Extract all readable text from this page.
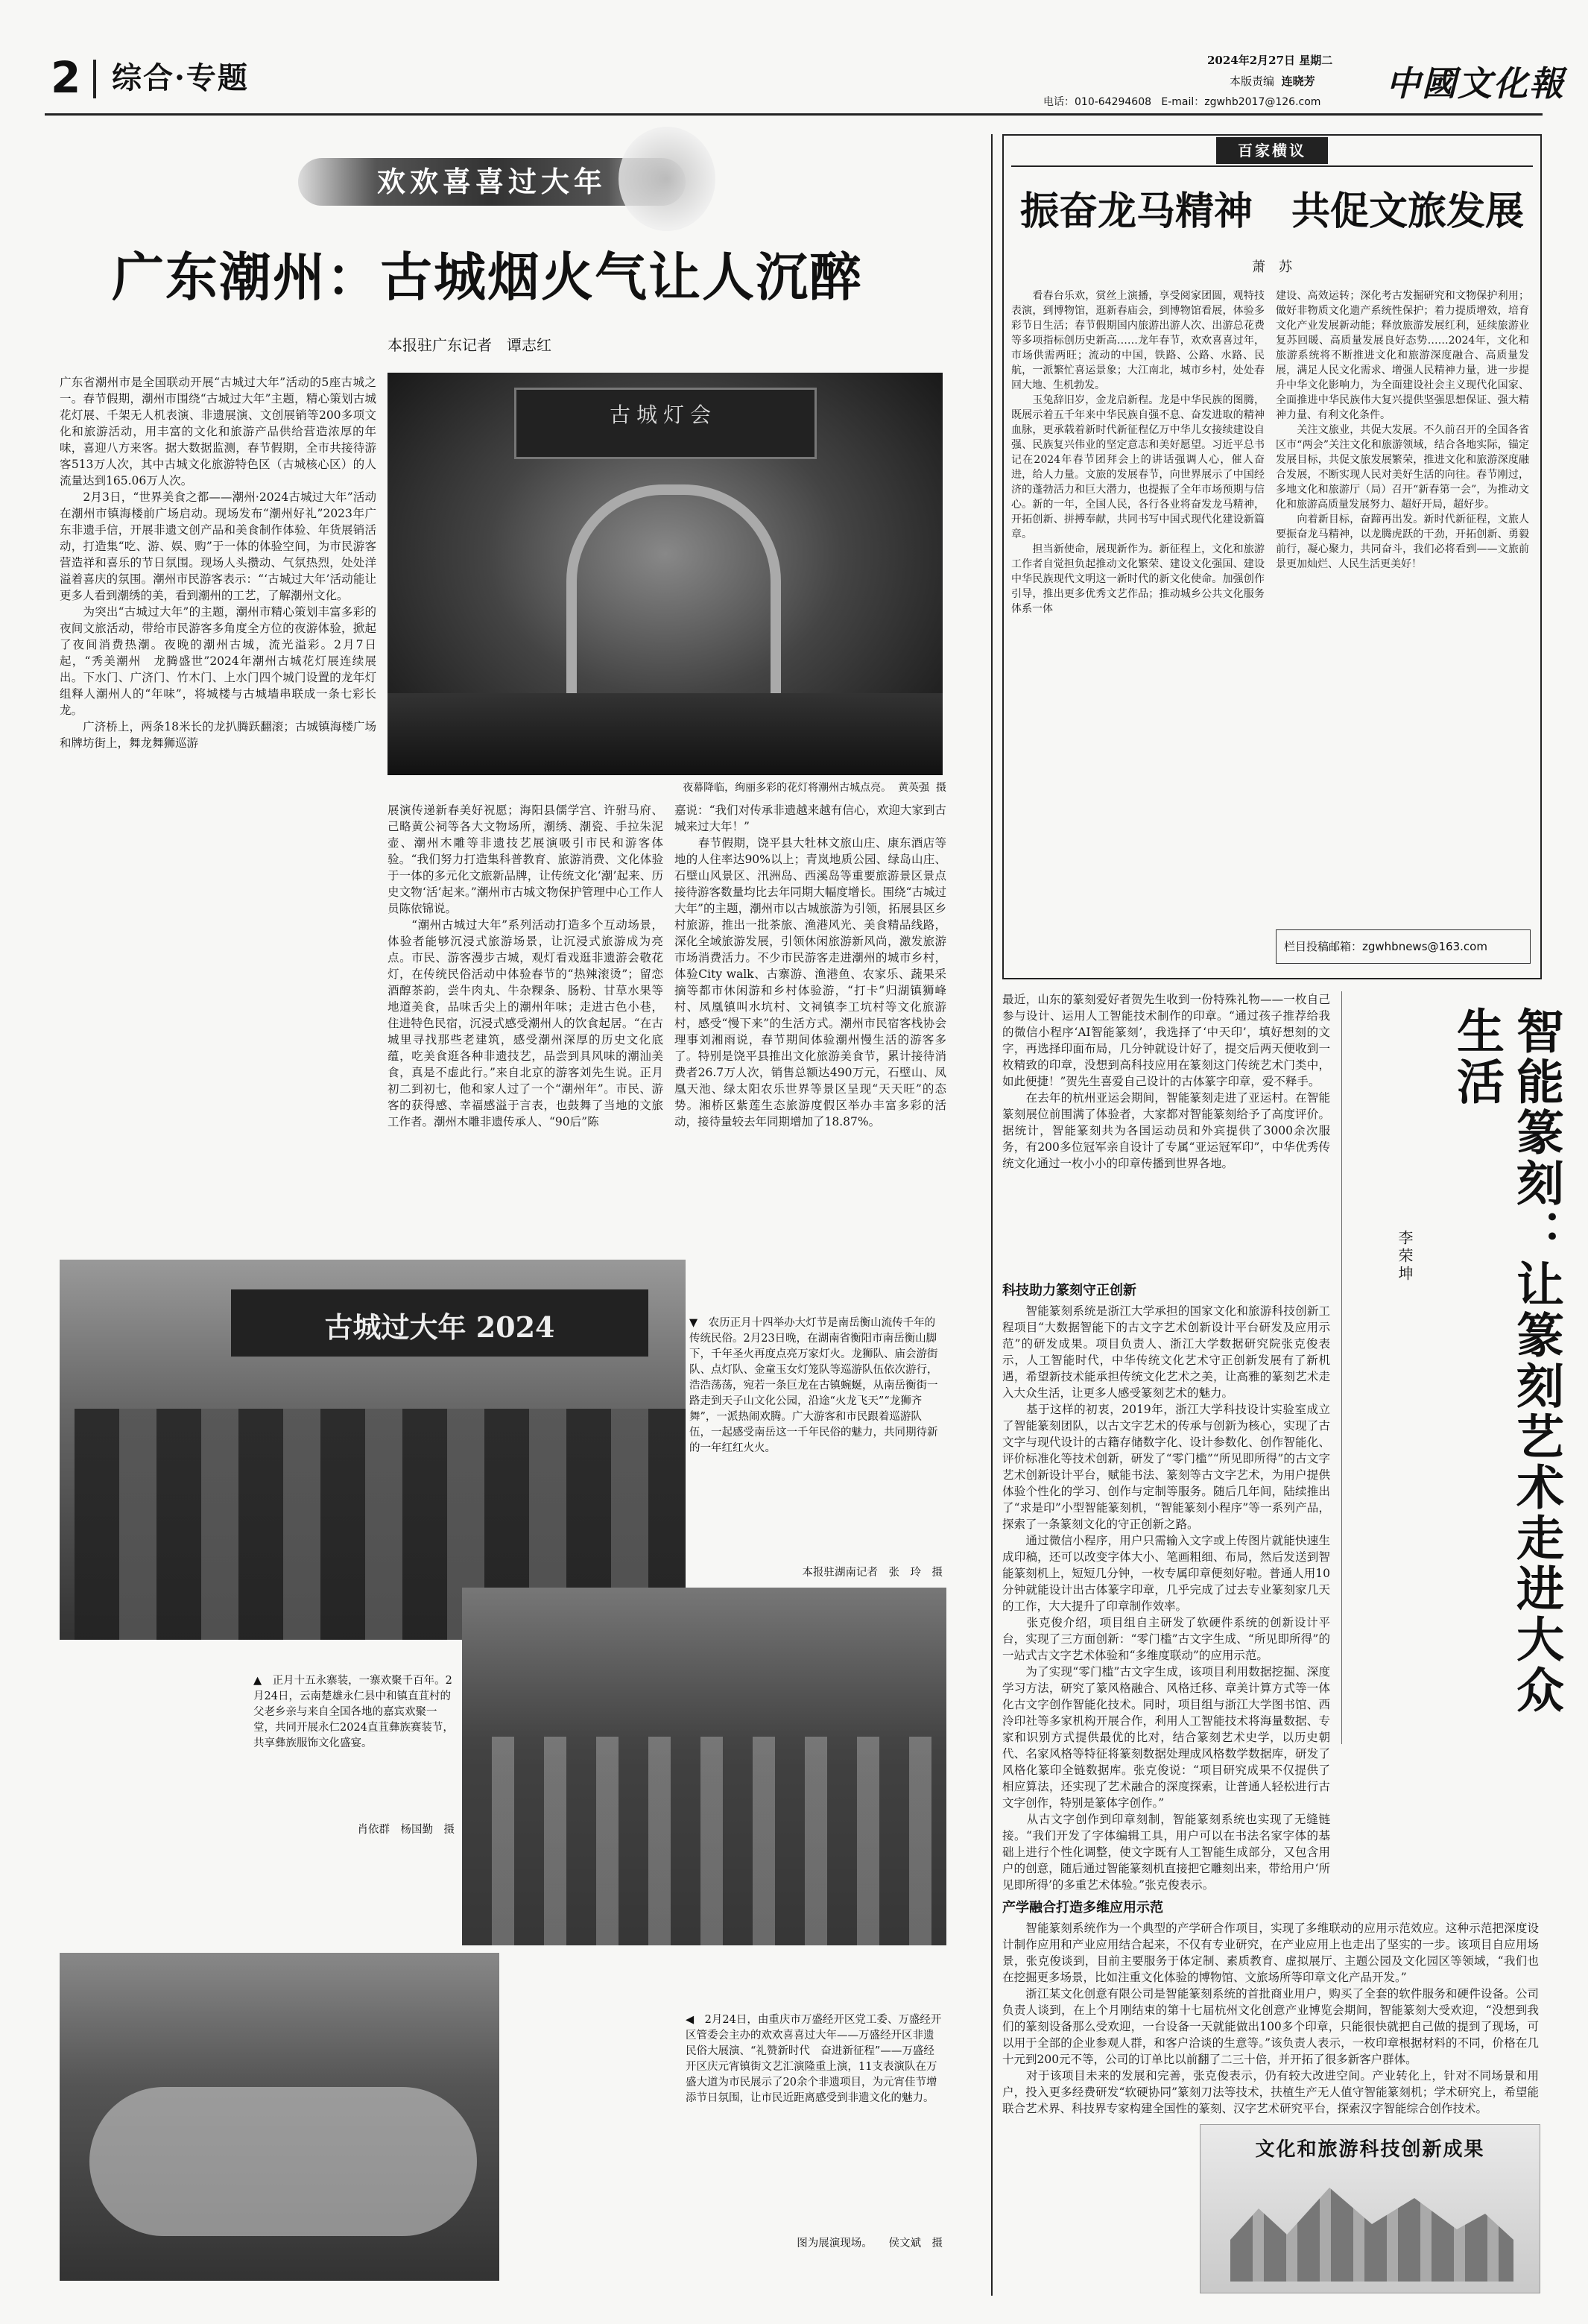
2 综合·专题	2024年2月27日 星期二
本版责编 连晓芳
电话：010-64294608 E-mail：zgwhb2017@126.com 中國文化報
欢欢喜喜过大年
广东潮州：古城烟火气让人沉醉
本报驻广东记者　谭志红
广东省潮州市是全国联动开展“古城过大年”活动的5座古城之一。春节假期，潮州市围绕“古城过大年”主题，精心策划古城花灯展、千架无人机表演、非遗展演、文创展销等200多项文化和旅游活动，用丰富的文化和旅游产品供给营造浓厚的年味，喜迎八方来客。据大数据监测，春节假期，全市共接待游客513万人次，其中古城文化旅游特色区（古城核心区）的人流量达到165.06万人次。
　　2月3日，“世界美食之都——潮州·2024古城过大年”活动在潮州市镇海楼前广场启动。现场发布“潮州好礼”2023年广东非遗手信，开展非遗文创产品和美食制作体验、年货展销活动，打造集“吃、游、娱、购”于一体的体验空间，为市民游客营造祥和喜乐的节日氛围。现场人头攒动、气氛热烈，处处洋溢着喜庆的氛围。潮州市民游客表示：“‘古城过大年’活动能让更多人看到潮绣的美，看到潮州的工艺，了解潮州文化。
　　为突出“古城过大年”的主题，潮州市精心策划丰富多彩的夜间文旅活动，带给市民游客多角度全方位的夜游体验，掀起了夜间消费热潮。夜晚的潮州古城，流光溢彩。2月7日起，“秀美潮州　龙腾盛世”2024年潮州古城花灯展连续展出。下水门、广济门、竹木门、上水门四个城门设置的龙年灯组释人潮州人的“年味”，将城楼与古城墙串联成一条七彩长龙。
　　广济桥上，两条18米长的龙扒腾跃翻滚；古城镇海楼广场和牌坊街上，舞龙舞狮巡游
古城灯会
夜幕降临，绚丽多彩的花灯将潮州古城点亮。  黄英强  摄
展演传递新春美好祝愿；海阳县儒学宫、许驸马府、己略黄公祠等各大文物场所，潮绣、潮瓷、手拉朱泥壶、潮州木雕等非遗技艺展演吸引市民和游客体验。“我们努力打造集科普教育、旅游消费、文化体验于一体的多元化文旅新品牌，让传统文化‘潮’起来、历史文物‘活’起来。”潮州市古城文物保护管理中心工作人员陈依锦说。
　　“潮州古城过大年”系列活动打造多个互动场景，体验者能够沉浸式旅游场景，让沉浸式旅游成为亮点。市民、游客漫步古城，观灯看戏逛非遗游会敬花灯，在传统民俗活动中体验春节的“热辣滚烫”；留恋酒醇茶韵，尝牛肉丸、牛杂粿条、肠粉、甘草水果等地道美食，品味舌尖上的潮州年味；走进古色小巷，住进特色民宿，沉浸式感受潮州人的饮食起居。“在古城里寻找那些老建筑，感受潮州深厚的历史文化底蕴，吃美食逛各种非遗技艺，品尝到具风味的潮汕美食，真是不虚此行。”来自北京的游客刘先生说。正月初二到初七，他和家人过了一个“潮州年”。市民、游客的获得感、幸福感溢于言表，也鼓舞了当地的文旅工作者。潮州木雕非遗传承人、“90后”陈
嘉说：“我们对传承非遗越来越有信心，欢迎大家到古城来过大年！”
　　春节假期，饶平县大牡林文旅山庄、康东酒店等地的人住率达90%以上；青岚地质公园、绿岛山庄、石壁山风景区、汛洲岛、西溪岛等重要旅游景区景点接待游客数量均比去年同期大幅度增长。围绕“古城过大年”的主题，潮州市以古城旅游为引领，拓展县区乡村旅游，推出一批茶旅、渔港风光、美食精品线路，深化全域旅游发展，引领休闲旅游新风尚，激发旅游市场消费活力。不少市民游客走进潮州的城市乡村，体验City walk、古寨游、渔港鱼、农家乐、蔬果采摘等都市休闲游和乡村体验游，“打卡”归湖镇狮峰村、凤凰镇叫水坑村、文祠镇李工坑村等文化旅游村，感受“慢下来”的生活方式。潮州市民宿客栈协会理事刘湘雨说，春节期间体验潮州慢生活的游客多了。特别是饶平县推出文化旅游美食节，累计接待消费者26.7万人次，销售总额达490万元，石壁山、凤凰天池、绿太阳农乐世界等景区呈现“天天旺”的态势。湘桥区紫莲生态旅游度假区举办丰富多彩的活动，接待量较去年同期增加了18.87%。
古城过大年 2024	▼　农历正月十四举办大灯节是南岳衡山流传千年的传统民俗。2月23日晚，在湖南省衡阳市南岳衡山脚下，千年圣火再度点亮万家灯火。龙狮队、庙会游街队、点灯队、金童玉女灯笼队等巡游队伍依次游行，浩浩荡荡，宛若一条巨龙在古镇蜿蜒，从南岳衡街一路走到天子山文化公园，沿途“火龙飞天”“龙狮齐舞”，一派热闹欢腾。广大游客和市民跟着巡游队伍，一起感受南岳这一千年民俗的魅力，共同期待新的一年红红火火。
本报驻湖南记者　张　玲　摄
▲　正月十五永寨装，一寨欢聚千百年。2月24日，云南楚雄永仁县中和镇直苴村的父老乡亲与来自全国各地的嘉宾欢聚一堂，共同开展永仁2024直苴彝族赛装节，共享彝族服饰文化盛宴。
肖依群　杨国勤　摄
◀　2月24日，由重庆市万盛经开区党工委、万盛经开区管委会主办的欢欢喜喜过大年——万盛经开区非遗民俗大展演、“礼赞新时代　奋进新征程”——万盛经开区庆元宵镇街文艺汇演隆重上演，11支表演队在万盛大道为市民展示了20余个非遗项目，为元宵佳节增添节日氛围，让市民近距离感受到非遗文化的魅力。
图为展演现场。　　侯文斌　摄
百家横议
振奋龙马精神　共促文旅发展
萧　苏
　　看春台乐欢，赏丝上演播，享受阅家团圆，观特技表演，到博物馆，逛新春庙会，到博物馆看展，体验多彩节日生活；春节假期国内旅游出游人次、出游总花费等多项指标创历史新高……龙年春节，欢欢喜喜过年，市场供需两旺；流动的中国，铁路、公路、水路、民航，一派繁忙喜运景象；大江南北，城市乡村，处处春回大地、生机勃发。
　　玉兔辞旧岁，金龙启新程。龙是中华民族的图腾，既展示着五千年来中华民族自强不息、奋发进取的精神血脉，更承载着新时代新征程亿万中华儿女接续建设自强、民族复兴伟业的坚定意志和美好愿望。习近平总书记在2024年春节团拜会上的讲话强调人心，催人奋进，给人力量。文旅的发展春节，向世界展示了中国经济的蓬勃活力和巨大潜力，也提振了全年市场预期与信心。新的一年，全国人民，各行各业将奋发龙马精神，开拓创新、拼搏奉献，共同书写中国式现代化建设新篇章。
　　担当新使命，展现新作为。新征程上，文化和旅游工作者自觉担负起推动文化繁荣、建设文化强国、建设中华民族现代文明这一新时代的新文化使命。加强创作引导，推出更多优秀文艺作品；推动城乡公共文化服务体系一体
建设、高效运转；深化考古发掘研究和文物保护利用；做好非物质文化遗产系统性保护；着力提质增效，培育文化产业发展新动能；释放旅游发展红利，延续旅游业复苏回暖、高质量发展良好态势……2024年，文化和旅游系统将不断推进文化和旅游深度融合、高质量发展，满足人民文化需求、增强人民精神力量，进一步提升中华文化影响力，为全面建设社会主义现代化国家、全面推进中华民族伟大复兴提供坚强思想保证、强大精神力量、有利文化条件。
　　关注文旅业，共促大发展。不久前召开的全国各省区市“两会”关注文化和旅游领域，结合各地实际，锚定发展目标，共促文旅发展繁荣，推进文化和旅游深度融合发展，不断实现人民对美好生活的向往。春节刚过，多地文化和旅游厅（局）召开“新春第一会”，为推动文化和旅游高质量发展努力、超好开局，超好步。
　　向着新目标，奋蹄再出发。新时代新征程，文旅人要振奋龙马精神，以龙腾虎跃的干劲，开拓创新、勇毅前行，凝心聚力，共同奋斗，我们必将看到——文旅前景更加灿烂、人民生活更美好！
栏目投稿邮箱：zgwhbnews@163.com
最近，山东的篆刻爱好者贺先生收到一份特殊礼物——一枚自己参与设计、运用人工智能技术制作的印章。“通过孩子推荐给我的微信小程序‘AI智能篆刻’，我选择了‘中天印’，填好想刻的文字，再选择印面布局，几分钟就设计好了，提交后两天便收到一枚精致的印章，没想到高科技应用在篆刻这门传统艺术门类中，如此便捷！”贺先生喜爱自己设计的古体篆字印章，爱不释手。
　　在去年的杭州亚运会期间，智能篆刻走进了亚运村。在智能篆刻展位前围满了体验者，大家都对智能篆刻给予了高度评价。据统计，智能篆刻共为各国运动员和外宾提供了3000余次服务，有200多位冠军亲自设计了专属“亚运冠军印”，中华优秀传统文化通过一枚小小的印章传播到世界各地。	智能篆刻：让篆刻艺术走进大众生活
李荣坤
科技助力篆刻守正创新
　　智能篆刻系统是浙江大学承担的国家文化和旅游科技创新工程项目“大数据智能下的古文字艺术创新设计平台研发及应用示范”的研发成果。项目负责人、浙江大学数据研究院张克俊表示，人工智能时代，中华传统文化艺术守正创新发展有了新机遇，希望新技术能承担传统文化艺术之美，让高雅的篆刻艺术走入大众生活，让更多人感受篆刻艺术的魅力。
　　基于这样的初衷，2019年，浙江大学科技设计实验室成立了智能篆刻团队，以古文字艺术的传承与创新为核心，实现了古文字与现代设计的古籍存储数字化、设计参数化、创作智能化、评价标准化等技术创新，研发了“零门槛”“所见即所得”的古文字艺术创新设计平台，赋能书法、篆刻等古文字艺术，为用户提供体验个性化的学习、创作与定制等服务。随后几年间，陆续推出了“求是印”小型智能篆刻机，“智能篆刻小程序”等一系列产品，探索了一条篆刻文化的守正创新之路。
　　通过微信小程序，用户只需输入文字或上传图片就能快速生成印稿，还可以改变字体大小、笔画粗细、布局，然后发送到智能篆刻机上，短短几分钟，一枚专属印章便刻好啦。普通人用10分钟就能设计出古体篆字印章，几乎完成了过去专业篆刻家几天的工作，大大提升了印章制作效率。
　　张克俊介绍，项目组自主研发了软硬件系统的创新设计平台，实现了三方面创新：“零门槛”古文字生成、“所见即所得”的一站式古文字艺术体验和“多维度联动”的应用示范。
　　为了实现“零门槛”古文字生成，该项目利用数据挖掘、深度学习方法，研究了篆风格融合、风格迁移、章美计算方式等一体化古文字创作智能化技术。同时，项目组与浙江大学图书馆、西泠印社等多家机构开展合作，利用人工智能技术将海量数据、专家和识别方式提供最优的比对，结合篆刻艺术史学，以历史朝代、名家风格等特征将篆刻数据处理成风格数学数据库，研发了风格化篆印全链数据库。张克俊说：“项目研究成果不仅提供了相应算法，还实现了艺术融合的深度探索，让普通人轻松进行古文字创作，特别是篆体字创作。”
　　从古文字创作到印章刻制，智能篆刻系统也实现了无缝链接。“我们开发了字体编辑工具，用户可以在书法名家字体的基础上进行个性化调整，使文字既有人工智能生成部分，又包含用户的创意，随后通过智能篆刻机直接把它雕刻出来，带给用户‘所见即所得’的多重艺术体验。”张克俊表示。
产学融合打造多维应用示范
　　智能篆刻系统作为一个典型的产学研合作项目，实现了多维联动的应用示范效应。这种示范把深度设计制作应用和产业应用结合起来，不仅有专业研究，在产业应用上也走出了坚实的一步。该项目自应用场景，张克俊谈到，目前主要服务于体定制、素质教育、虚拟展厅、主题公园及文化园区等领域，“我们也在挖掘更多场景，比如注重文化体验的博物馆、文旅场所等印章文化产品开发。”
　　浙江某文化创意有限公司是智能篆刻系统的首批商业用户，购买了全套的软件服务和硬件设备。公司负责人谈到，在上个月刚结束的第十七届杭州文化创意产业博览会期间，智能篆刻大受欢迎，“没想到我们的篆刻设备那么受欢迎，一台设备一天就能做出100多个印章，只能很快就把自己做的提到了现场，可以用于全部的企业参观人群，和客户洽谈的生意等。”该负责人表示，一枚印章根据材料的不同，价格在几十元到200元不等，公司的订单比以前翻了二三十倍，并开拓了很多新客户群体。
　　对于该项目未来的发展和完善，张克俊表示，仍有较大改进空间。产业转化上，针对不同场景和用户，投入更多经费研发“软硬协同”篆刻刀法等技术，扶植生产无人值守智能篆刻机；学术研究上，希望能联合艺术界、科技界专家构建全国性的篆刻、汉字艺术研究平台，探索汉字智能综合创作技术。
文化和旅游科技创新成果
